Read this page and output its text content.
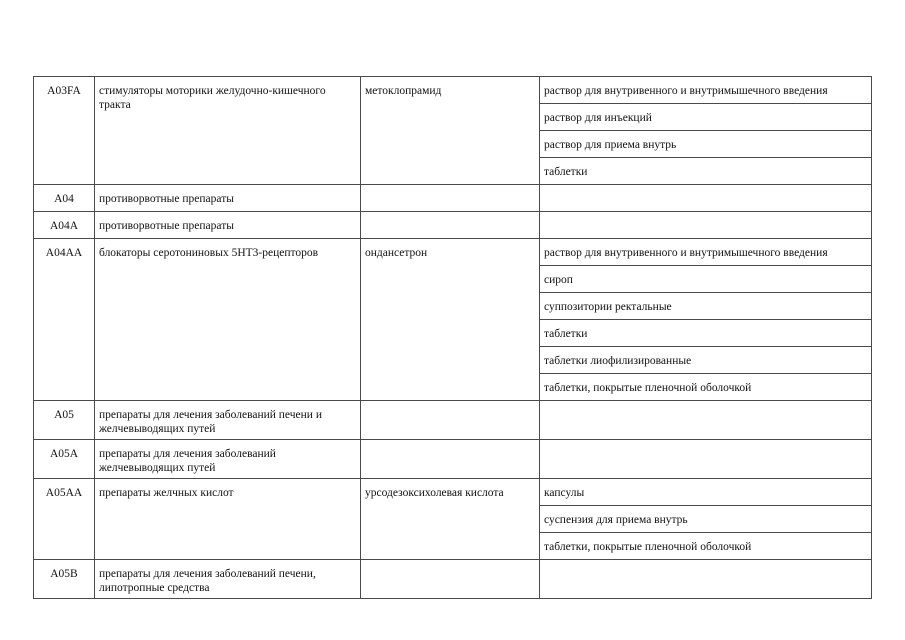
A03FA	стимуляторы моторики желудочно-кишечного тракта	метоклопрамид	раствор для внутривенного и внутримышечного введения
			раствор для инъекций
			раствор для приема внутрь
			таблетки
A04	противорвотные препараты		
A04A	противорвотные препараты		
A04AA	блокаторы серотониновых 5HT3-рецепторов	ондансетрон	раствор для внутривенного и внутримышечного введения
			сироп
			суппозитории ректальные
			таблетки
			таблетки лиофилизированные
			таблетки, покрытые пленочной оболочкой
A05	препараты для лечения заболеваний печени и желчевыводящих путей		
A05A	препараты для лечения заболеваний желчевыводящих путей		
A05AA	препараты желчных кислот	урсодезоксихолевая кислота	капсулы
			суспензия для приема внутрь
			таблетки, покрытые пленочной оболочкой
A05B	препараты для лечения заболеваний печени, липотропные средства		
